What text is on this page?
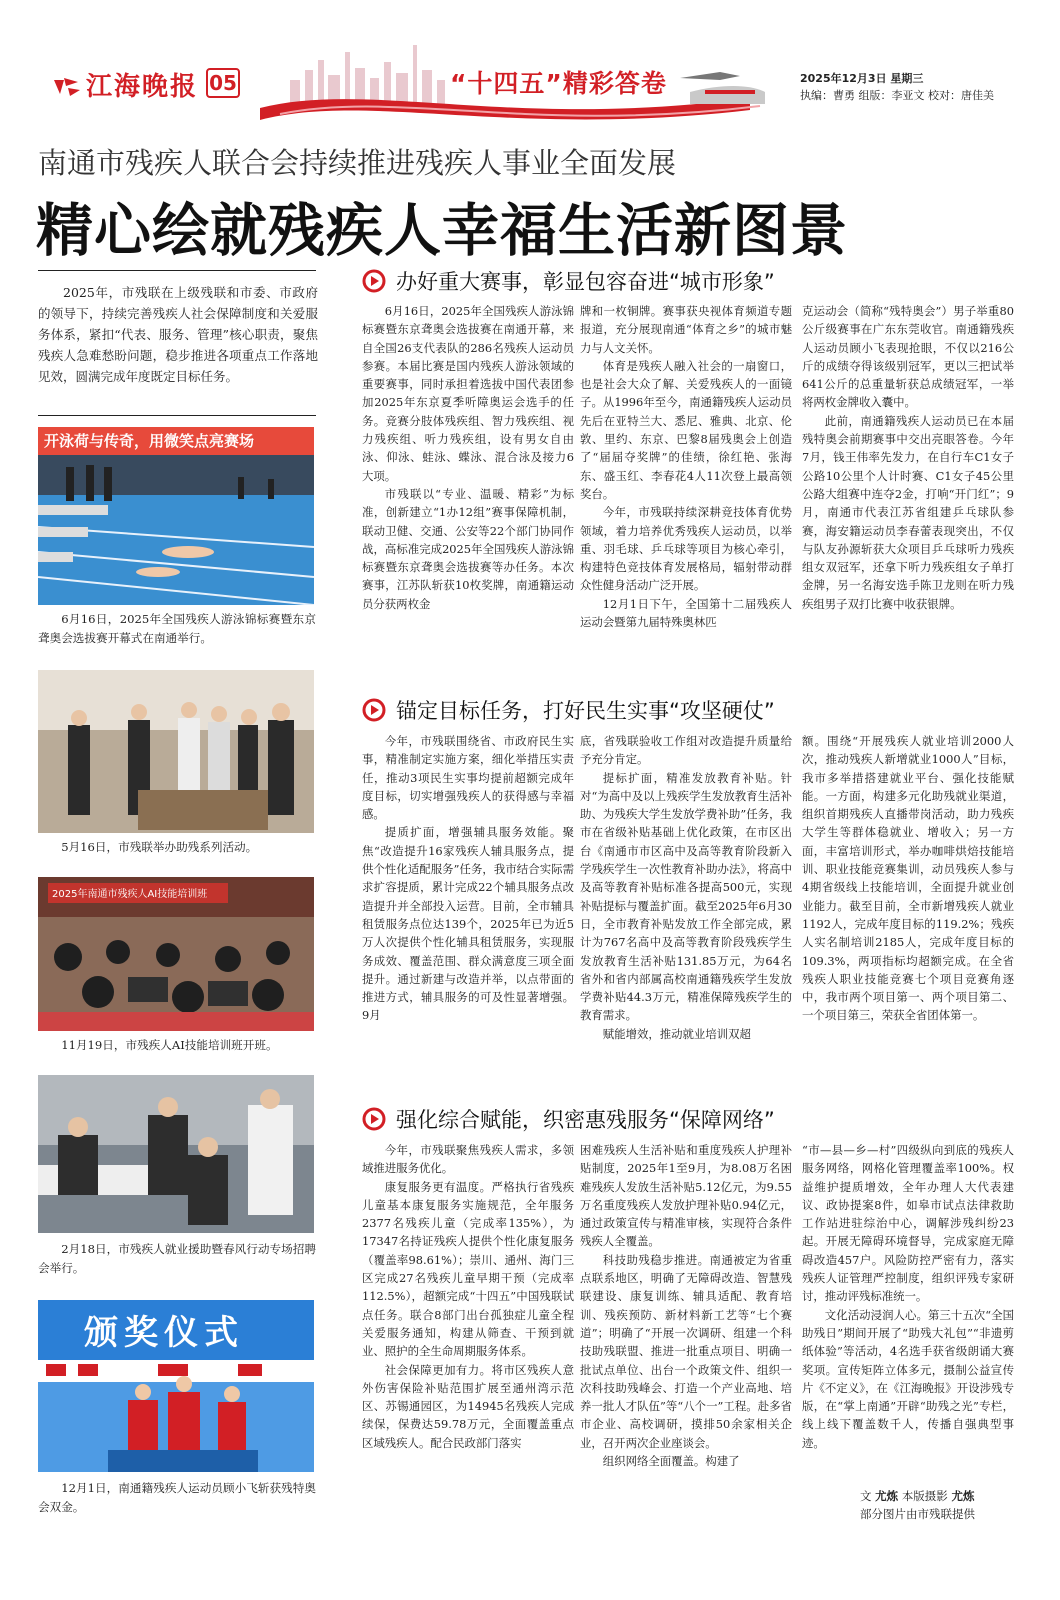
江海晚报 05	“十四五”精彩答卷	2025年12月3日 星期三
执编：曹勇 组版：李亚文 校对：唐佳美
南通市残疾人联合会持续推进残疾人事业全面发展
精心绘就残疾人幸福生活新图景
2025年，市残联在上级残联和市委、市政府的领导下，持续完善残疾人社会保障制度和关爱服务体系，紧扣“代表、服务、管理”核心职责，聚焦残疾人急难愁盼问题，稳步推进各项重点工作落地见效，圆满完成年度既定目标任务。
开泳荷与传奇，用微笑点亮赛场
6月16日，2025年全国残疾人游泳锦标赛暨东京聋奥会选拔赛开幕式在南通举行。
5月16日，市残联举办助残系列活动。
2025年南通市残疾人AI技能培训班
11月19日，市残疾人AI技能培训班开班。
2月18日，市残疾人就业援助暨春风行动专场招聘会举行。
颁奖仪式
12月1日，南通籍残疾人运动员顾小飞斩获残特奥会双金。
办好重大赛事，彰显包容奋进“城市形象”

6月16日，2025年全国残疾人游泳锦标赛暨东京聋奥会选拔赛在南通开幕，来自全国26支代表队的286名残疾人运动员参赛。本届比赛是国内残疾人游泳领域的重要赛事，同时承担着选拔中国代表团参加2025年东京夏季听障奥运会选手的任务。竞赛分肢体残疾组、智力残疾组、视力残疾组、听力残疾组，设有男女自由泳、仰泳、蛙泳、蝶泳、混合泳及接力6大项。

市残联以“专业、温暖、精彩”为标准，创新建立“1办12组”赛事保障机制，联动卫健、交通、公安等22个部门协同作战，高标准完成2025年全国残疾人游泳锦标赛暨东京聋奥会选拔赛等办任务。本次赛事，江苏队斩获10枚奖牌，南通籍运动员分获两枚金

牌和一枚铜牌。赛事获央视体育频道专题报道，充分展现南通“体育之乡”的城市魅力与人文关怀。

体育是残疾人融入社会的一扇窗口，也是社会大众了解、关爱残疾人的一面镜子。从1996年至今，南通籍残疾人运动员先后在亚特兰大、悉尼、雅典、北京、伦敦、里约、东京、巴黎8届残奥会上创造了“届届夺奖牌”的佳绩，徐红艳、张海东、盛玉红、李春花4人11次登上最高领奖台。

今年，市残联持续深耕竞技体育优势领域，着力培养优秀残疾人运动员，以举重、羽毛球、乒乓球等项目为核心牵引，构建特色竞技体育发展格局，辐射带动群众性健身活动广泛开展。

12月1日下午，全国第十二届残疾人运动会暨第九届特殊奥林匹

克运动会（简称“残特奥会”）男子举重80公斤级赛事在广东东莞收官。南通籍残疾人运动员顾小飞表现抢眼，不仅以216公斤的成绩夺得该级别冠军，更以三把试举641公斤的总重量斩获总成绩冠军，一举将两枚金牌收入囊中。

此前，南通籍残疾人运动员已在本届残特奥会前期赛事中交出亮眼答卷。今年7月，钱王伟率先发力，在自行车C1女子公路10公里个人计时赛、C1女子45公里公路大组赛中连夺2金，打响“开门红”；9月，南通市代表江苏省组建乒乓球队参赛，海安籍运动员李春蕾表现突出，不仅与队友孙源斩获大众项目乒乓球听力残疾组女双冠军，还拿下听力残疾组女子单打金牌，另一名海安选手陈卫龙则在听力残疾组男子双打比赛中收获银牌。

锚定目标任务，打好民生实事“攻坚硬仗”

今年，市残联围绕省、市政府民生实事，精准制定实施方案，细化举措压实责任，推动3项民生实事均提前超额完成年度目标，切实增强残疾人的获得感与幸福感。

提质扩面，增强辅具服务效能。聚焦“改造提升16家残疾人辅具服务点，提供个性化适配服务”任务，我市结合实际需求扩容提质，累计完成22个辅具服务点改造提升并全部投入运营。目前，全市辅具租赁服务点位达139个，2025年已为近5万人次提供个性化辅具租赁服务，实现服务成效、覆盖范围、群众满意度三项全面提升。通过新建与改造并举，以点带面的推进方式，辅具服务的可及性显著增强。9月

底，省残联验收工作组对改造提升质量给予充分肯定。

提标扩面，精准发放教育补贴。针对“为高中及以上残疾学生发放教育生活补助、为残疾大学生发放学费补助”任务，我市在省级补贴基础上优化政策，在市区出台《南通市市区高中及高等教育阶段新入学残疾学生一次性教育补助办法》，将高中及高等教育补贴标准各提高500元，实现补贴提标与覆盖扩面。截至2025年6月30日，全市教育补贴发放工作全部完成，累计为767名高中及高等教育阶段残疾学生发放教育生活补贴131.85万元，为64名省外和省内部属高校南通籍残疾学生发放学费补贴44.3万元，精准保障残疾学生的教育需求。

赋能增效，推动就业培训双超

额。围绕“开展残疾人就业培训2000人次，推动残疾人新增就业1000人”目标，我市多举措搭建就业平台、强化技能赋能。一方面，构建多元化助残就业渠道，组织首期残疾人直播带岗活动，助力残疾大学生等群体稳就业、增收入；另一方面，丰富培训形式，举办咖啡烘焙技能培训、职业技能竞赛集训，动员残疾人参与4期省级线上技能培训，全面提升就业创业能力。截至目前，全市新增残疾人就业1192人，完成年度目标的119.2%；残疾人实名制培训2185人，完成年度目标的109.3%，两项指标均超额完成。在全省残疾人职业技能竞赛七个项目竞赛角逐中，我市两个项目第一、两个项目第二、一个项目第三，荣获全省团体第一。

强化综合赋能，织密惠残服务“保障网络”

今年，市残联聚焦残疾人需求，多领域推进服务优化。

康复服务更有温度。严格执行省残疾儿童基本康复服务实施规范，全年服务2377名残疾儿童（完成率135%），为17347名持证残疾人提供个性化康复服务（覆盖率98.61%）；崇川、通州、海门三区完成27名残疾儿童早期干预（完成率112.5%），超额完成“十四五”中国残联试点任务。联合8部门出台孤独症儿童全程关爱服务通知，构建从筛查、干预到就业、照护的全生命周期服务体系。

社会保障更加有力。将市区残疾人意外伤害保险补贴范围扩展至通州湾示范区、苏锡通园区，为14945名残疾人完成续保，保费达59.78万元，全面覆盖重点区域残疾人。配合民政部门落实

困难残疾人生活补贴和重度残疾人护理补贴制度，2025年1至9月，为8.08万名困难残疾人发放生活补贴5.12亿元，为9.55万名重度残疾人发放护理补贴0.94亿元，通过政策宣传与精准审核，实现符合条件残疾人全覆盖。

科技助残稳步推进。南通被定为省重点联系地区，明确了无障碍改造、智慧残联建设、康复训练、辅具适配、教育培训、残疾预防、新材料新工艺等“七个赛道”；明确了“开展一次调研、组建一个科技助残联盟、推进一批重点项目、明确一批试点单位、出台一个政策文件、组织一次科技助残峰会、打造一个产业高地、培养一批人才队伍”等“八个一”工程。赴多省市企业、高校调研，摸排50余家相关企业，召开两次企业座谈会。

组织网络全面覆盖。构建了

“市—县—乡—村”四级纵向到底的残疾人服务网络，网格化管理覆盖率100%。权益维护提质增效，全年办理人大代表建议、政协提案8件，如皋市试点法律救助工作站进驻综治中心，调解涉残纠纷23起。开展无障碍环境督导，完成家庭无障碍改造457户。风险防控严密有力，落实残疾人证管理严控制度，组织评残专家研讨，推动评残标准统一。

文化活动浸润人心。第三十五次“全国助残日”期间开展了“助残大礼包”“非遗剪纸体验”等活动，4名选手获省级朗诵大赛奖项。宣传矩阵立体多元，摄制公益宣传片《不定义》，在《江海晚报》开设涉残专版，在“掌上南通”开辟“助残之光”专栏，线上线下覆盖数千人，传播自强典型事迹。

文 尤炼 本版摄影 尤炼
部分图片由市残联提供
